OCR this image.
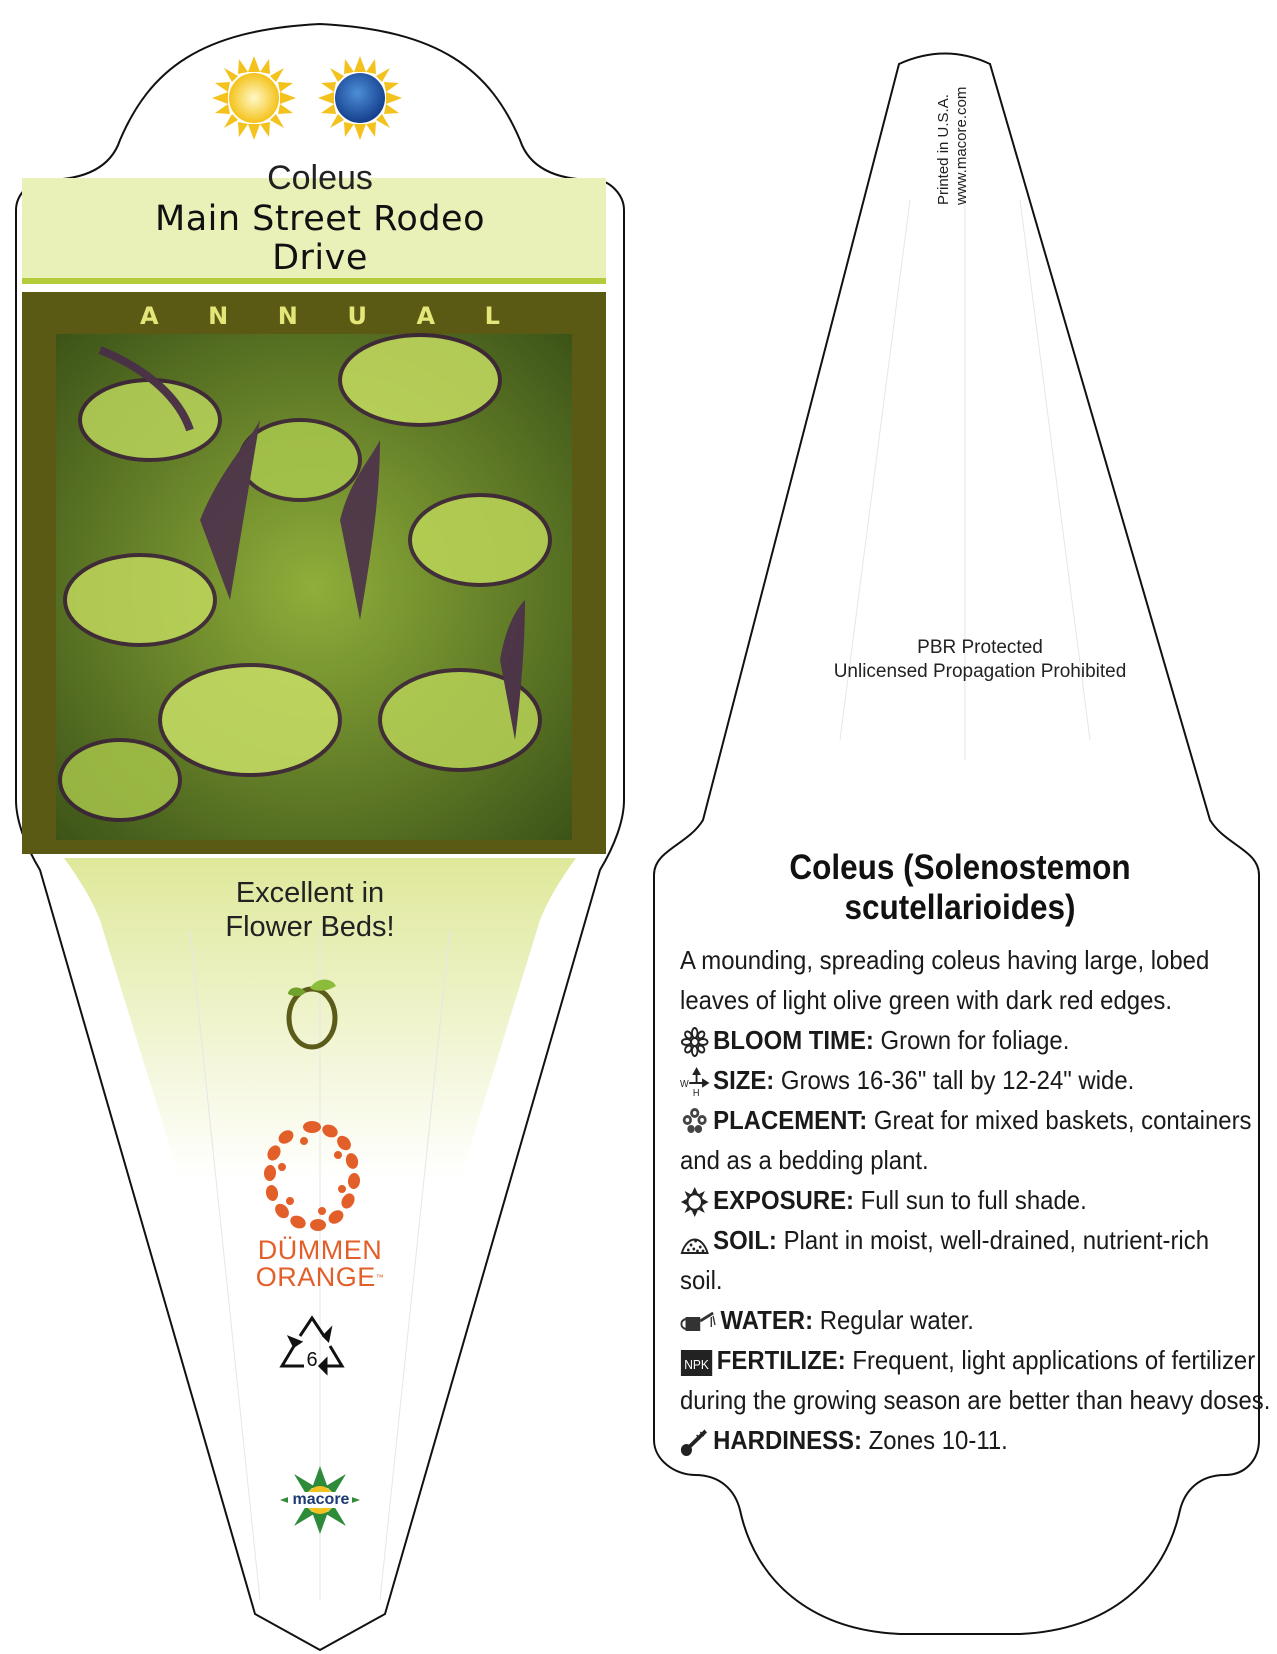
Coleus
Main Street Rodeo
Drive
A N N U A L
Excellent in
Flower Beds!
DÜMMEN
ORANGE™
6
macore
Printed in U.S.A. www.macore.com
PBR Protected
Unlicensed Propagation Prohibited
Coleus (Solenostemon
scutellarioides)

A mounding, spreading coleus having large, lobed

leaves of light olive green with dark red edges.

BLOOM TIME: Grown for foliage.

W
H SIZE: Grows 16-36" tall by 12-24" wide.

PLACEMENT: Great for mixed baskets, containers

and as a bedding plant.

EXPOSURE: Full sun to full shade.

SOIL: Plant in moist, well-drained, nutrient-rich

soil.

WATER: Regular water.

NPK FERTILIZE: Frequent, light applications of fertilizer

during the growing season are better than heavy doses.

HARDINESS: Zones 10-11.
